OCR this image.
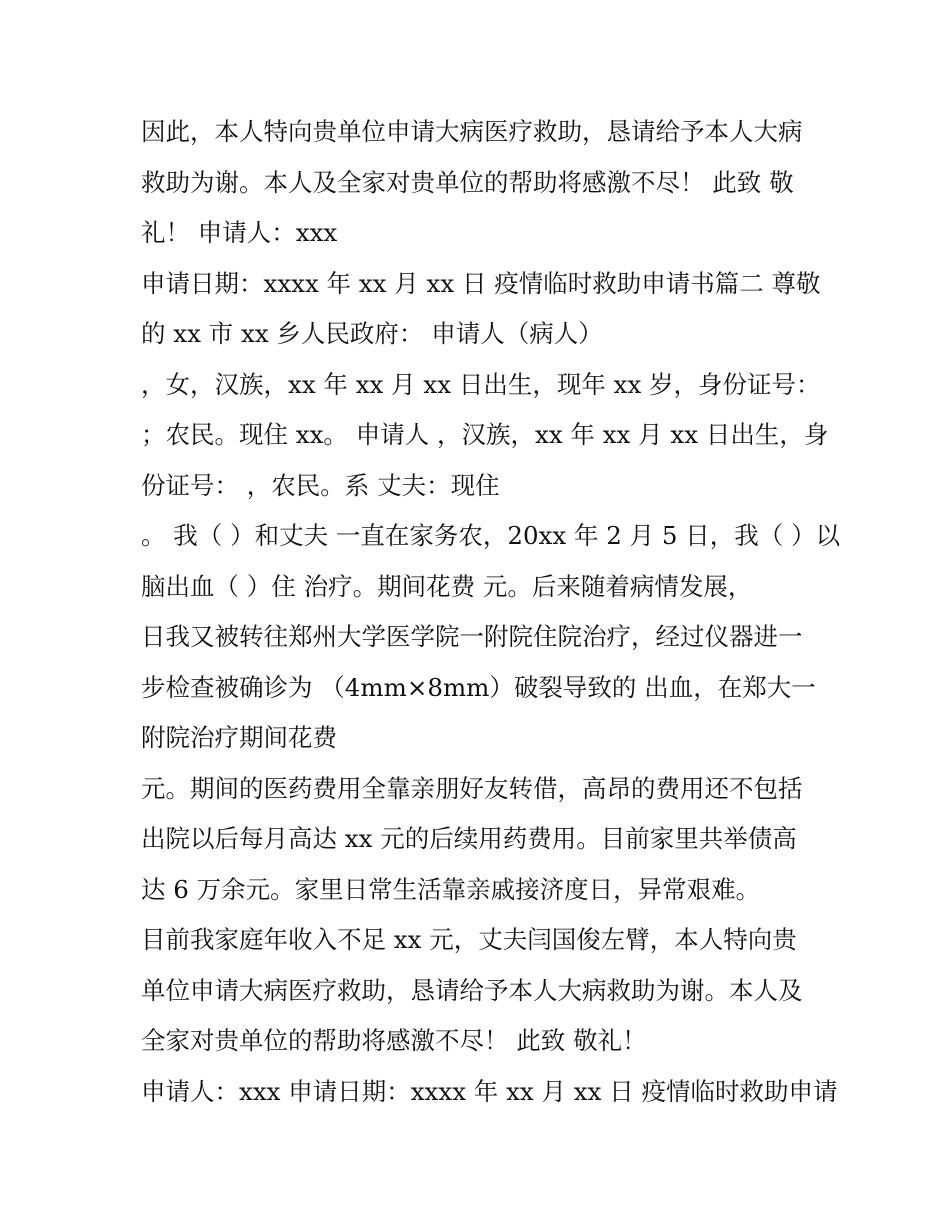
因此，本人特向贵单位申请大病医疗救助，恳请给予本人大病
救助为谢。本人及全家对贵单位的帮助将感激不尽！ 此致 敬
礼！ 申请人：xxx
申请日期：xxxx 年 xx 月 xx 日 疫情临时救助申请书篇二 尊敬
的 xx 市 xx 乡人民政府： 申请人（病人）
，女，汉族，xx 年 xx 月 xx 日出生，现年 xx 岁，身份证号：
；农民。现住 xx。 申请人 ，汉族，xx 年 xx 月 xx 日出生，身
份证号： ，农民。系 丈夫：现住
。 我（ ）和丈夫 一直在家务农，20xx 年 2 月 5 日，我（ ）以
脑出血（ ）住 治疗。期间花费 元。后来随着病情发展，
日我又被转往郑州大学医学院一附院住院治疗，经过仪器进一
步检查被确诊为 （4mm×8mm）破裂导致的 出血，在郑大一
附院治疗期间花费
元。期间的医药费用全靠亲朋好友转借，高昂的费用还不包括
出院以后每月高达 xx 元的后续用药费用。目前家里共举债高
达 6 万余元。家里日常生活靠亲戚接济度日，异常艰难。
目前我家庭年收入不足 xx 元，丈夫闫国俊左臂，本人特向贵
单位申请大病医疗救助，恳请给予本人大病救助为谢。本人及
全家对贵单位的帮助将感激不尽！ 此致 敬礼！
申请人：xxx 申请日期：xxxx 年 xx 月 xx 日 疫情临时救助申请
